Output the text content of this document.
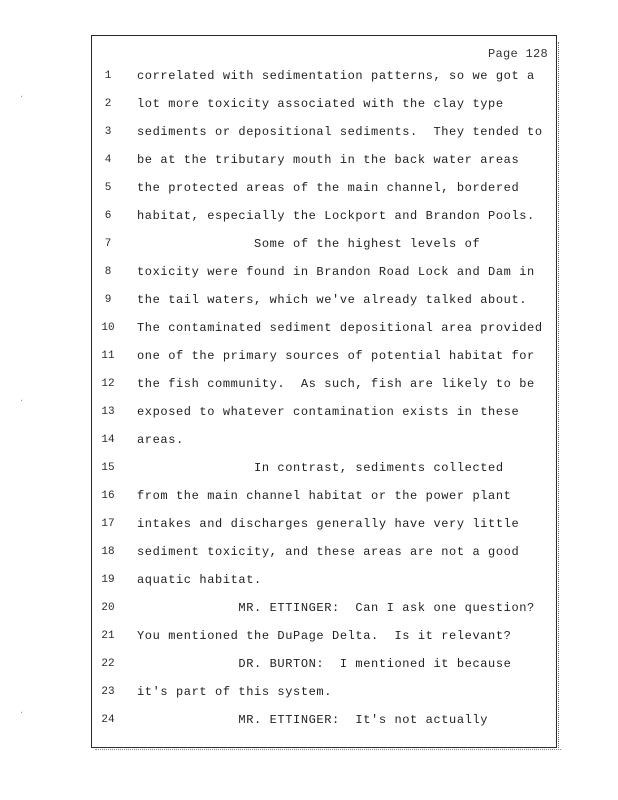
Page 128
1	correlated with sedimentation patterns, so we got a
2	lot more toxicity associated with the clay type
3	sediments or depositional sediments.  They tended to
4	be at the tributary mouth in the back water areas
5	the protected areas of the main channel, bordered
6	habitat, especially the Lockport and Brandon Pools.
7	Some of the highest levels of
8	toxicity were found in Brandon Road Lock and Dam in
9	the tail waters, which we've already talked about.
10	The contaminated sediment depositional area provided
11	one of the primary sources of potential habitat for
12	the fish community.  As such, fish are likely to be
13	exposed to whatever contamination exists in these
14	areas.
15	In contrast, sediments collected
16	from the main channel habitat or the power plant
17	intakes and discharges generally have very little
18	sediment toxicity, and these areas are not a good
19	aquatic habitat.
20	MR. ETTINGER:  Can I ask one question?
21	You mentioned the DuPage Delta.  Is it relevant?
22	DR. BURTON:  I mentioned it because
23	it's part of this system.
24	MR. ETTINGER:  It's not actually
·
·
·
